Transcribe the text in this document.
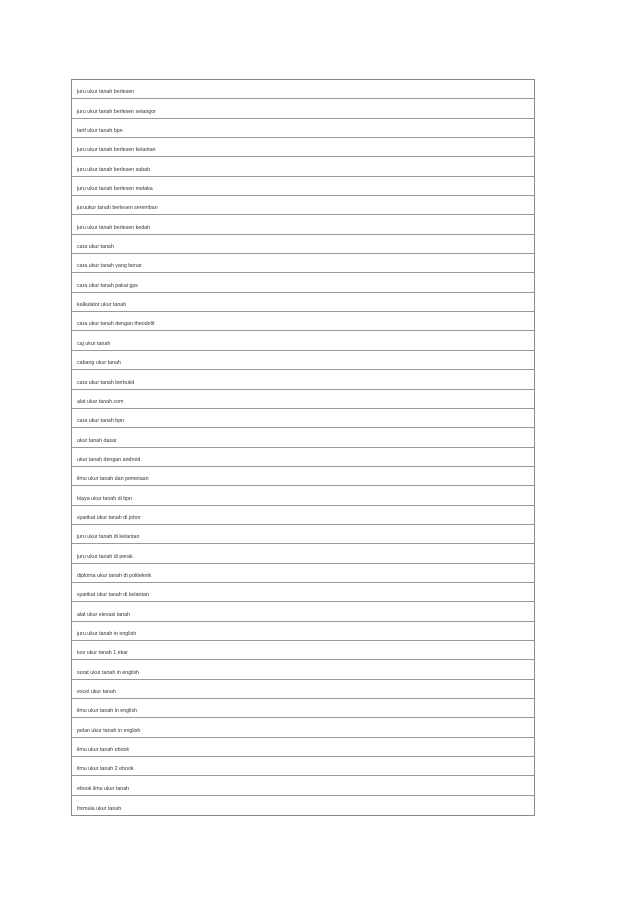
juru ukur tanah berlesen
juru ukur tanah berlesen selangor
tarif ukur tanah bpn
juru ukur tanah berlesen kelantan
juru ukur tanah berlesen sabah
juru ukur tanah berlesen melaka
juruukur tanah berlesen seremban
juru ukur tanah berlesen kedah
cara ukur tanah
cara ukur tanah yang benar
cara ukur tanah pakai gps
kalkulator ukur tanah
cara ukur tanah dengan theodolit
caj ukur tanah
cabang ukur tanah
cara ukur tanah berbukit
alat ukur tanah.com
cara ukur tanah bpn
ukur tanah dasar
ukur tanah dengan android
ilmu ukur tanah dan pemetaan
biaya ukur tanah di bpn
syarikat ukur tanah di johor
juru ukur tanah di kelantan
juru ukur tanah di perak
diploma ukur tanah di politeknik
syarikat ukur tanah di kelantan
alat ukur elevasi tanah
juru ukur tanah in english
kos ukur tanah 1 ekar
surat ukur tanah in english
excel ukur tanah
ilmu ukur tanah in english
pelan ukur tanah in english
ilmu ukur tanah ebook
ilmu ukur tanah 2 ebook
ebook ilmu ukur tanah
formula ukur tanah
